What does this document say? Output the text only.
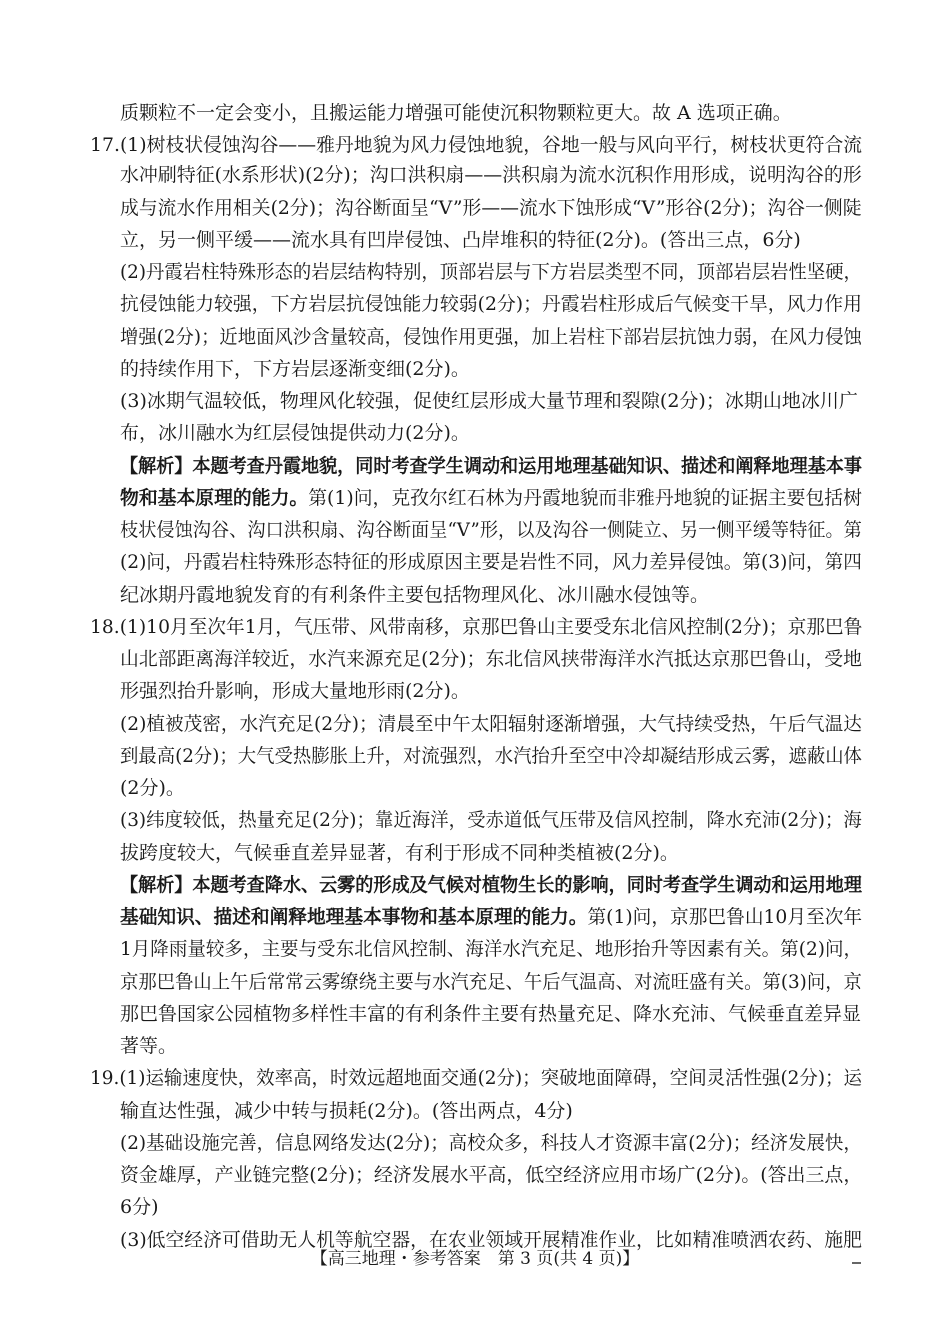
质颗粒不一定会变小，且搬运能力增强可能使沉积物颗粒更大。故 A 选项正确。
17.(1)树枝状侵蚀沟谷——雅丹地貌为风力侵蚀地貌，谷地一般与风向平行，树枝状更符合流
水冲刷特征(水系形状)(2分)；沟口洪积扇——洪积扇为流水沉积作用形成，说明沟谷的形
成与流水作用相关(2分)；沟谷断面呈“V”形——流水下蚀形成“V”形谷(2分)；沟谷一侧陡
立，另一侧平缓——流水具有凹岸侵蚀、凸岸堆积的特征(2分)。(答出三点，6分)
(2)丹霞岩柱特殊形态的岩层结构特别，顶部岩层与下方岩层类型不同，顶部岩层岩性坚硬，
抗侵蚀能力较强，下方岩层抗侵蚀能力较弱(2分)；丹霞岩柱形成后气候变干旱，风力作用
增强(2分)；近地面风沙含量较高，侵蚀作用更强，加上岩柱下部岩层抗蚀力弱，在风力侵蚀
的持续作用下，下方岩层逐渐变细(2分)。
(3)冰期气温较低，物理风化较强，促使红层形成大量节理和裂隙(2分)；冰期山地冰川广
布，冰川融水为红层侵蚀提供动力(2分)。
【解析】本题考查丹霞地貌，同时考查学生调动和运用地理基础知识、描述和阐释地理基本事
物和基本原理的能力。第(1)问，克孜尔红石林为丹霞地貌而非雅丹地貌的证据主要包括树
枝状侵蚀沟谷、沟口洪积扇、沟谷断面呈“V”形，以及沟谷一侧陡立、另一侧平缓等特征。第
(2)问，丹霞岩柱特殊形态特征的形成原因主要是岩性不同，风力差异侵蚀。第(3)问，第四
纪冰期丹霞地貌发育的有利条件主要包括物理风化、冰川融水侵蚀等。
18.(1)10月至次年1月，气压带、风带南移，京那巴鲁山主要受东北信风控制(2分)；京那巴鲁
山北部距离海洋较近，水汽来源充足(2分)；东北信风挟带海洋水汽抵达京那巴鲁山，受地
形强烈抬升影响，形成大量地形雨(2分)。
(2)植被茂密，水汽充足(2分)；清晨至中午太阳辐射逐渐增强，大气持续受热，午后气温达
到最高(2分)；大气受热膨胀上升，对流强烈，水汽抬升至空中冷却凝结形成云雾，遮蔽山体
(2分)。
(3)纬度较低，热量充足(2分)；靠近海洋，受赤道低气压带及信风控制，降水充沛(2分)；海
拔跨度较大，气候垂直差异显著，有利于形成不同种类植被(2分)。
【解析】本题考查降水、云雾的形成及气候对植物生长的影响，同时考查学生调动和运用地理
基础知识、描述和阐释地理基本事物和基本原理的能力。第(1)问，京那巴鲁山10月至次年
1月降雨量较多，主要与受东北信风控制、海洋水汽充足、地形抬升等因素有关。第(2)问，
京那巴鲁山上午后常常云雾缭绕主要与水汽充足、午后气温高、对流旺盛有关。第(3)问，京
那巴鲁国家公园植物多样性丰富的有利条件主要有热量充足、降水充沛、气候垂直差异显
著等。
19.(1)运输速度快，效率高，时效远超地面交通(2分)；突破地面障碍，空间灵活性强(2分)；运
输直达性强，减少中转与损耗(2分)。(答出两点，4分)
(2)基础设施完善，信息网络发达(2分)；高校众多，科技人才资源丰富(2分)；经济发展快，
资金雄厚，产业链完整(2分)；经济发展水平高，低空经济应用市场广(2分)。(答出三点，
6分)
(3)低空经济可借助无人机等航空器，在农业领域开展精准作业，比如精准喷洒农药、施肥
【高三地理・参考答案　第 3 页(共 4 页)】
